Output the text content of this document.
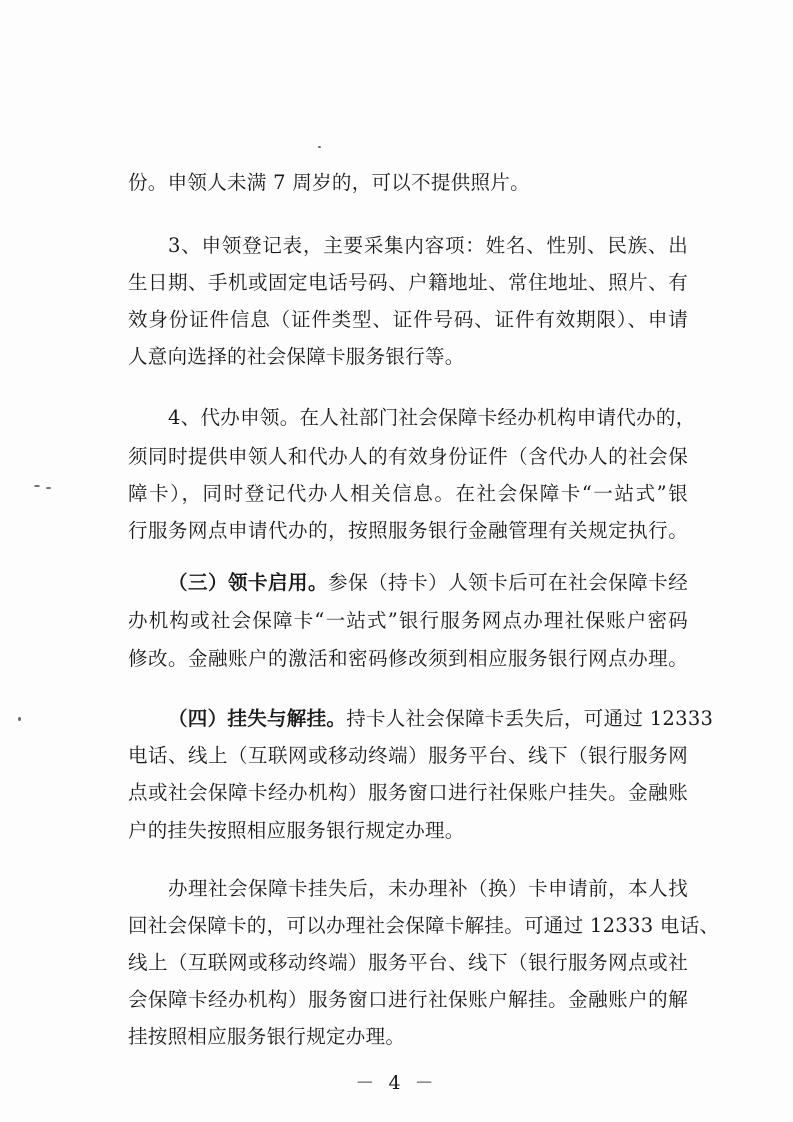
份。申领人未满 7 周岁的，可以不提供照片。
3、申领登记表，主要采集内容项：姓名、性别、民族、出
生日期、手机或固定电话号码、户籍地址、常住地址、照片、有
效身份证件信息（证件类型、证件号码、证件有效期限）、申请
人意向选择的社会保障卡服务银行等。
4、代办申领。在人社部门社会保障卡经办机构申请代办的，
须同时提供申领人和代办人的有效身份证件（含代办人的社会保
障卡），同时登记代办人相关信息。在社会保障卡“一站式”银
行服务网点申请代办的，按照服务银行金融管理有关规定执行。
（三）领卡启用。参保（持卡）人领卡后可在社会保障卡经
办机构或社会保障卡“一站式”银行服务网点办理社保账户密码
修改。金融账户的激活和密码修改须到相应服务银行网点办理。
（四）挂失与解挂。持卡人社会保障卡丢失后，可通过 12333
电话、线上（互联网或移动终端）服务平台、线下（银行服务网
点或社会保障卡经办机构）服务窗口进行社保账户挂失。金融账
户的挂失按照相应服务银行规定办理。
办理社会保障卡挂失后，未办理补（换）卡申请前，本人找
回社会保障卡的，可以办理社会保障卡解挂。可通过 12333 电话、
线上（互联网或移动终端）服务平台、线下（银行服务网点或社
会保障卡经办机构）服务窗口进行社保账户解挂。金融账户的解
挂按照相应服务银行规定办理。
－ 4 －
